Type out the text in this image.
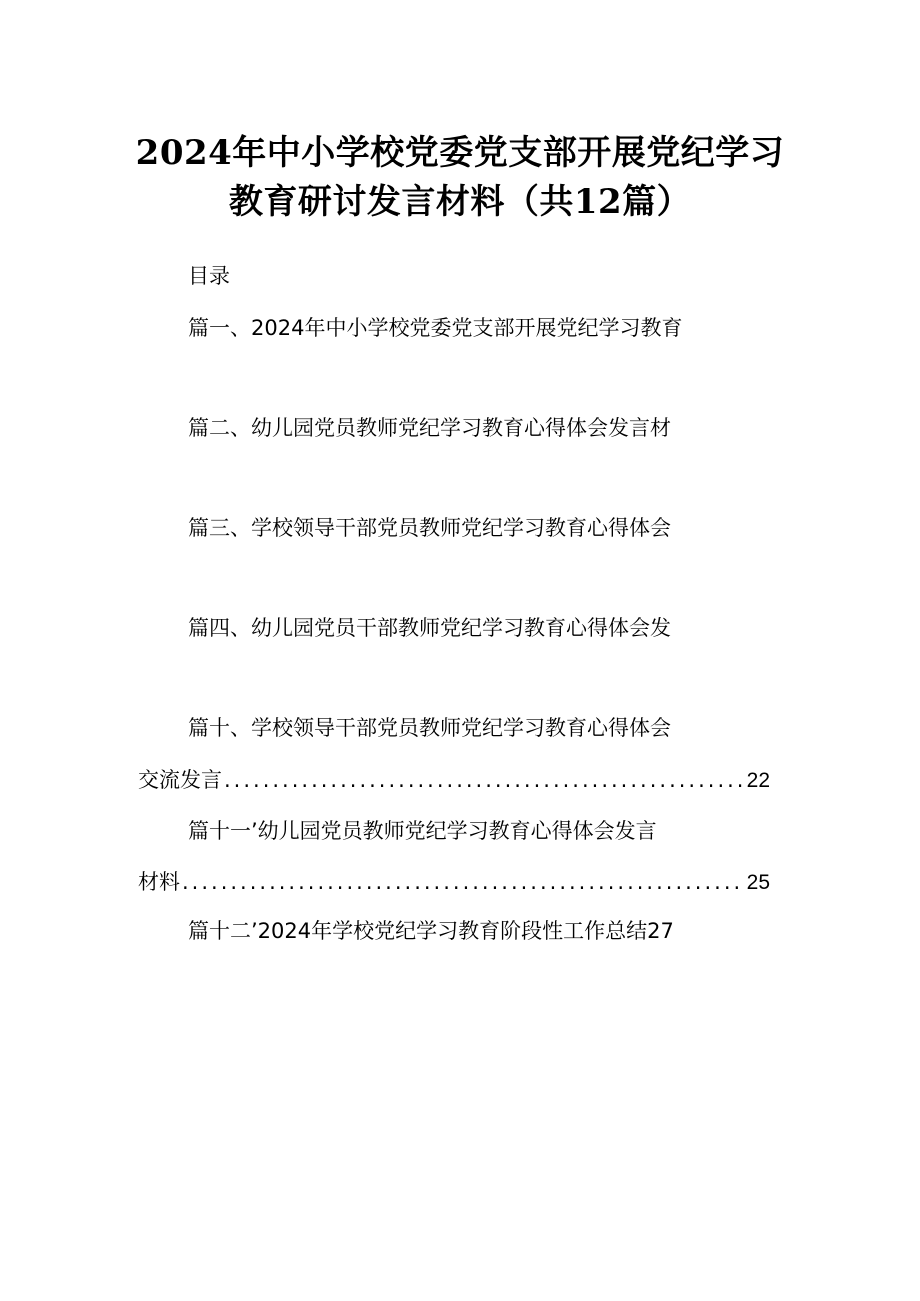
2024年中小学校党委党支部开展党纪学习
教育研讨发言材料（共12篇）
目录
篇一、2024年中小学校党委党支部开展党纪学习教育
篇二、幼儿园党员教师党纪学习教育心得体会发言材
篇三、学校领导干部党员教师党纪学习教育心得体会
篇四、幼儿园党员干部教师党纪学习教育心得体会发
篇十、学校领导干部党员教师党纪学习教育心得体会
交流发言 .....	22
篇十一’幼儿园党员教师党纪学习教育心得体会发言
材料 .....	25
篇十二’2024年学校党纪学习教育阶段性工作总结27
